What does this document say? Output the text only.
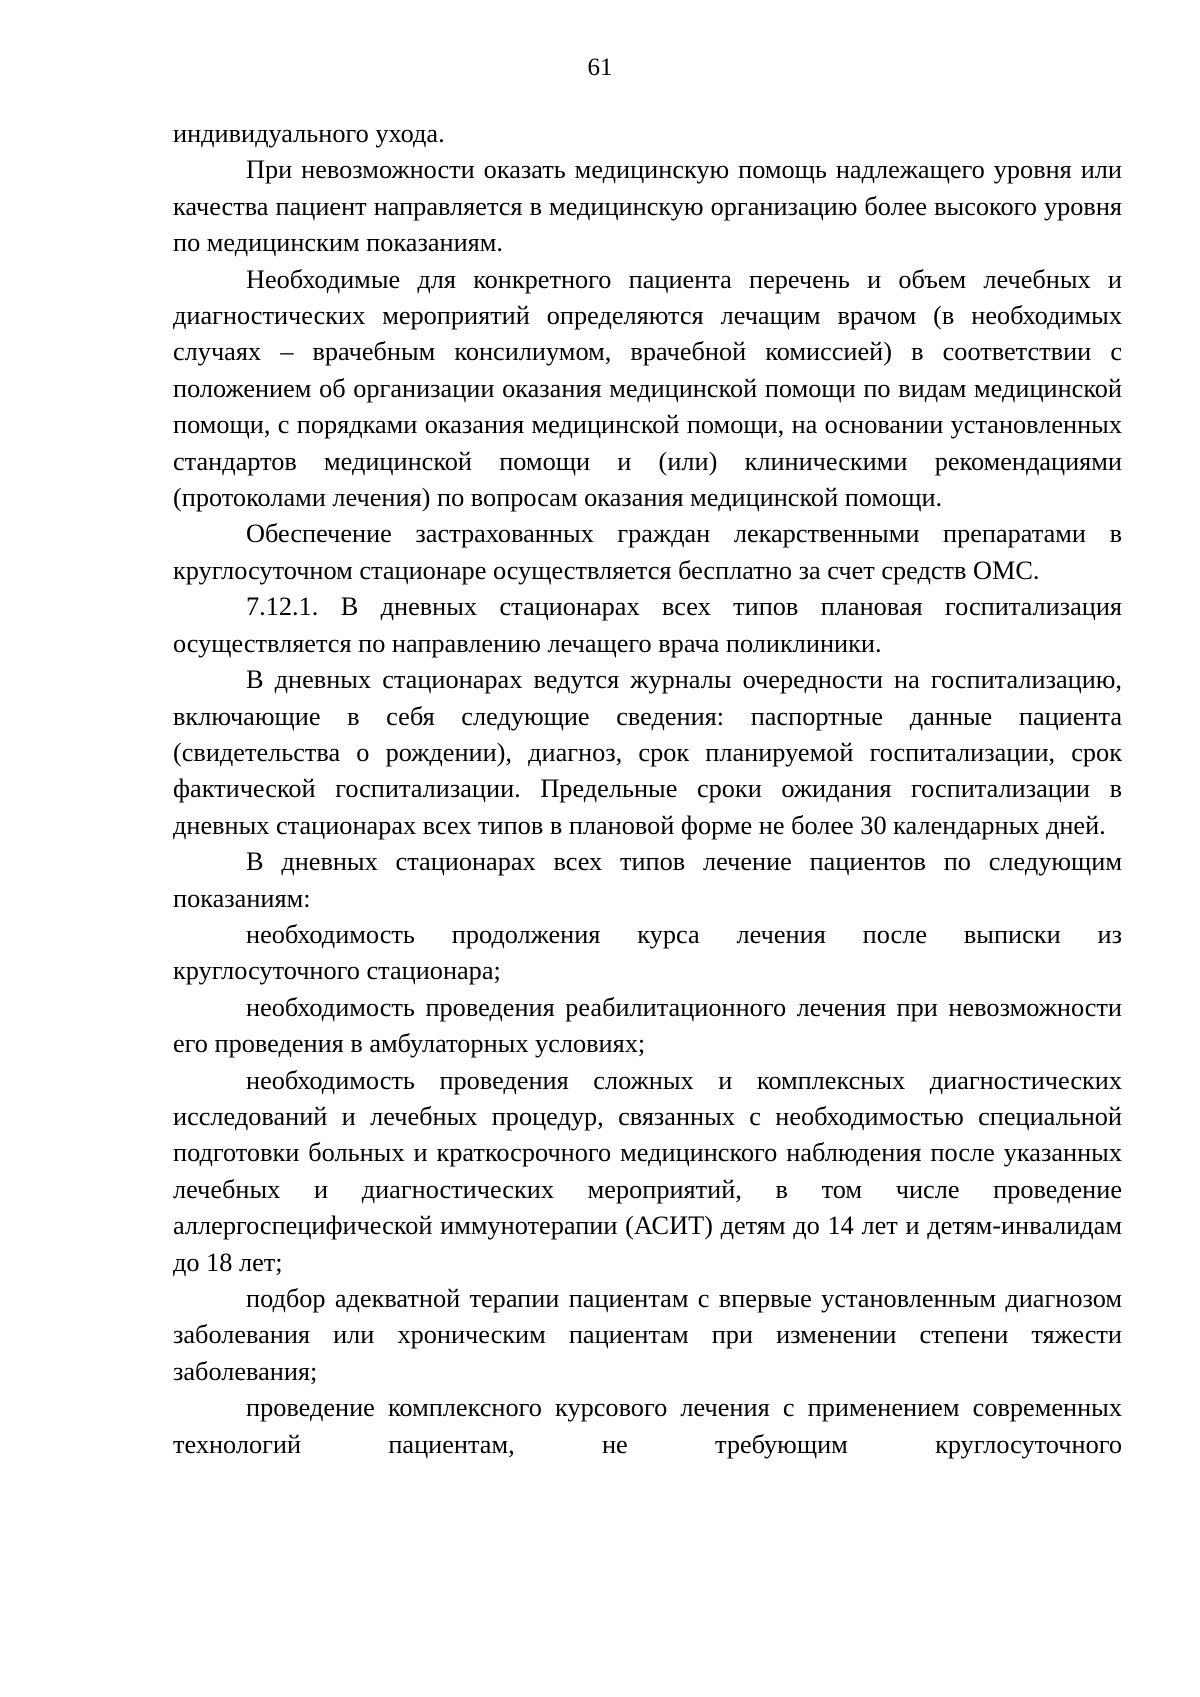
61

индивидуального ухода.

При невозможности оказать медицинскую помощь надлежащего уровня или качества пациент направляется в медицинскую организацию более высокого уровня по медицинским показаниям.

Необходимые для конкретного пациента перечень и объем лечебных и диагностических мероприятий определяются лечащим врачом (в необходимых случаях – врачебным консилиумом, врачебной комиссией) в соответствии с положением об организации оказания медицинской помощи по видам медицинской помощи, с порядками оказания медицинской помощи, на основании установленных стандартов медицинской помощи и (или) клиническими рекомендациями (протоколами лечения) по вопросам оказания медицинской помощи.

Обеспечение застрахованных граждан лекарственными препаратами в круглосуточном стационаре осуществляется бесплатно за счет средств ОМС.

7.12.1. В дневных стационарах всех типов плановая госпитализация осуществляется по направлению лечащего врача поликлиники.

В дневных стационарах ведутся журналы очередности на госпитализацию, включающие в себя следующие сведения: паспортные данные пациента (свидетельства о рождении), диагноз, срок планируемой госпитализации, срок фактической госпитализации. Предельные сроки ожидания госпитализации в дневных стационарах всех типов в плановой форме не более 30 календарных дней.

В дневных стационарах всех типов лечение пациентов по следующим показаниям:

необходимость продолжения курса лечения после выписки из круглосуточного стационара;

необходимость проведения реабилитационного лечения при невозможности его проведения в амбулаторных условиях;

необходимость проведения сложных и комплексных диагностических исследований и лечебных процедур, связанных с необходимостью специальной подготовки больных и краткосрочного медицинского наблюдения после указанных лечебных и диагностических мероприятий, в том числе проведение аллергоспецифической иммунотерапии (АСИТ) детям до 14 лет и детям-инвалидам до 18 лет;

подбор адекватной терапии пациентам с впервые установленным диагнозом заболевания или хроническим пациентам при изменении степени тяжести заболевания;

проведение комплексного курсового лечения с применением современных технологий пациентам, не требующим круглосуточного
